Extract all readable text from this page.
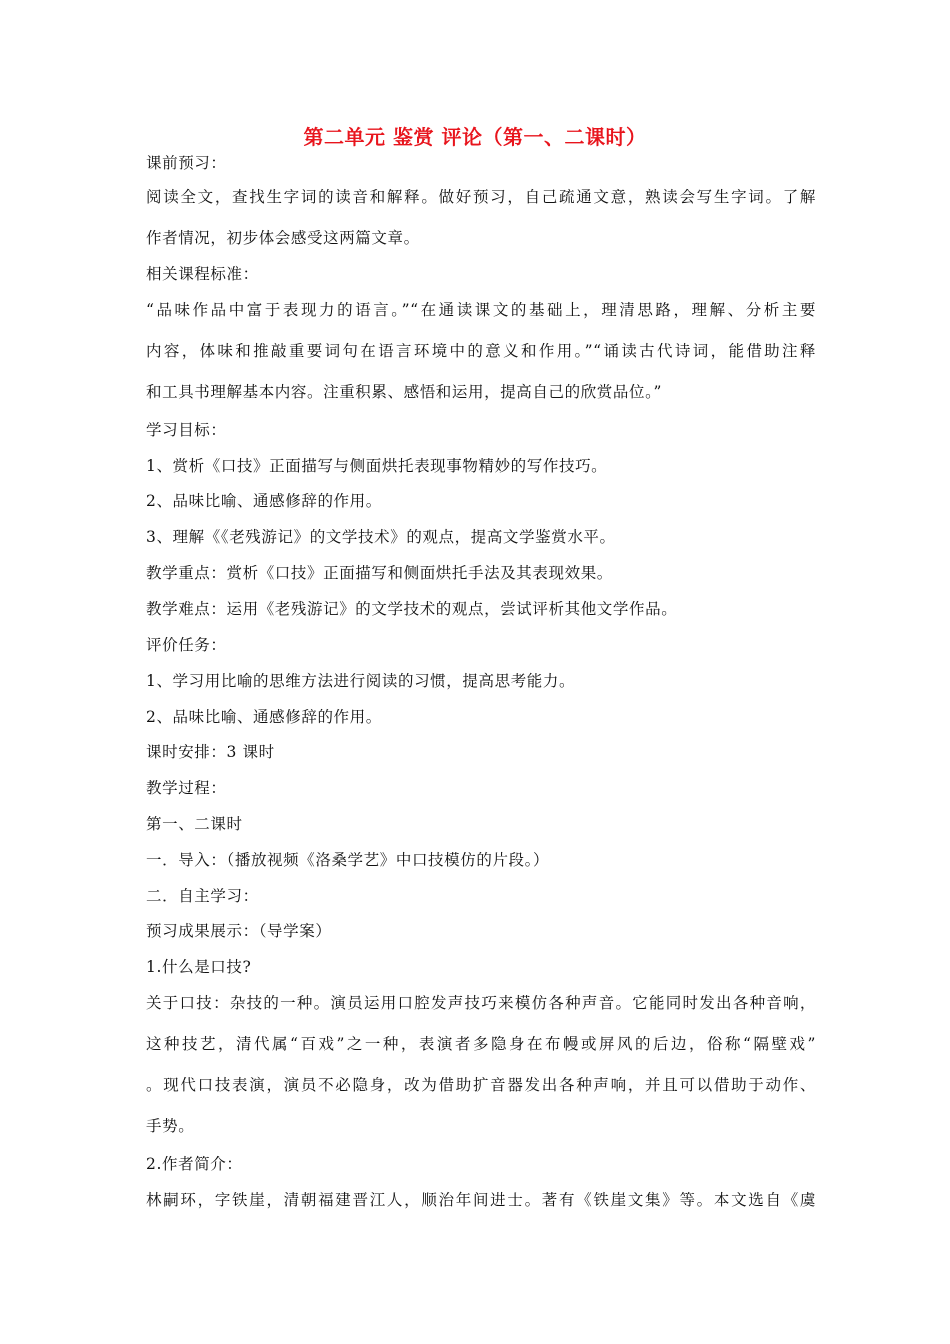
第二单元 鉴赏 评论（第一、二课时）
课前预习：
阅读全文，查找生字词的读音和解释。做好预习，自己疏通文意，熟读会写生字词。了解
作者情况，初步体会感受这两篇文章。
相关课程标准：
“品味作品中富于表现力的语言。”“在通读课文的基础上，理清思路，理解、分析主要
内容，体味和推敲重要词句在语言环境中的意义和作用。”“诵读古代诗词，能借助注释
和工具书理解基本内容。注重积累、感悟和运用，提高自己的欣赏品位。”
学习目标：
1、赏析《口技》正面描写与侧面烘托表现事物精妙的写作技巧。
2、品味比喻、通感修辞的作用。
3、理解《《老残游记》的文学技术》的观点，提高文学鉴赏水平。
教学重点：赏析《口技》正面描写和侧面烘托手法及其表现效果。
教学难点：运用《老残游记》的文学技术的观点，尝试评析其他文学作品。
评价任务：
1、学习用比喻的思维方法进行阅读的习惯，提高思考能力。
2、品味比喻、通感修辞的作用。
课时安排：3 课时
教学过程：
第一、二课时
一．导入：（播放视频《洛桑学艺》中口技模仿的片段。）
二．自主学习：
预习成果展示：（导学案）
1.什么是口技?
关于口技：杂技的一种。演员运用口腔发声技巧来模仿各种声音。它能同时发出各种音响，
这种技艺，清代属“百戏”之一种，表演者多隐身在布幔或屏风的后边，俗称“隔壁戏”
。现代口技表演，演员不必隐身，改为借助扩音器发出各种声响，并且可以借助于动作、
手势。
2.作者简介：
林嗣环，字铁崖，清朝福建晋江人，顺治年间进士。著有《铁崖文集》等。本文选自《虞
